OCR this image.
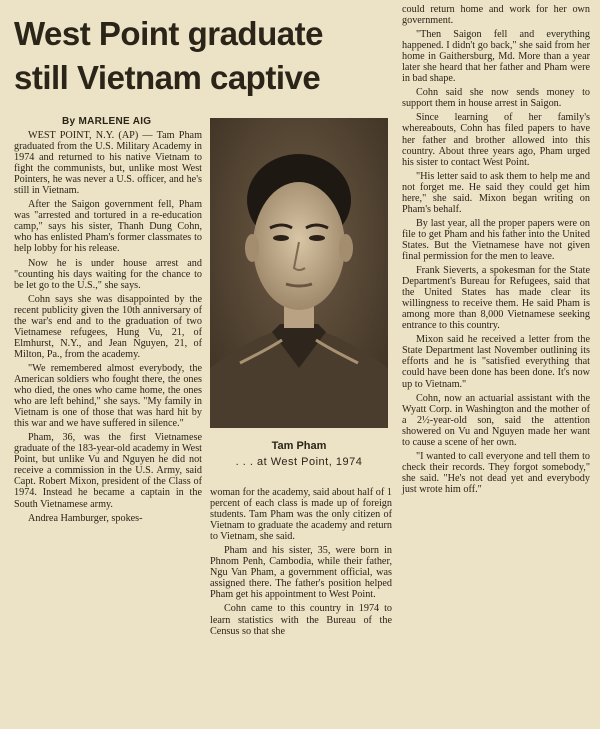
West Point graduate
still Vietnam captive
By MARLENE AIG

WEST POINT, N.Y. (AP) — Tam Pham graduated from the U.S. Military Academy in 1974 and returned to his native Vietnam to fight the communists, but, unlike most West Pointers, he was never a U.S. officer, and he's still in Vietnam.

After the Saigon government fell, Pham was "arrested and tortured in a re-education camp," says his sister, Thanh Dung Cohn, who has enlisted Pham's former classmates to help lobby for his release.

Now he is under house arrest and "counting his days waiting for the chance to be let go to the U.S.," she says.

Cohn says she was disappointed by the recent publicity given the 10th anniversary of the war's end and to the graduation of two Vietnamese refugees, Hung Vu, 21, of Elmhurst, N.Y., and Jean Nguyen, 21, of Milton, Pa., from the academy.

"We remembered almost everybody, the American soldiers who fought there, the ones who died, the ones who came home, the ones who are left behind," she says. "My family in Vietnam is one of those that was hard hit by this war and we have suffered in silence."

Pham, 36, was the first Vietnamese graduate of the 183-year-old academy in West Point, but unlike Vu and Nguyen he did not receive a commission in the U.S. Army, said Capt. Robert Mixon, president of the Class of 1974. Instead he became a captain in the South Vietnamese army.

Andrea Hamburger, spokes-

Tam Pham
. . . at West Point, 1974

woman for the academy, said about half of 1 percent of each class is made up of foreign students. Tam Pham was the only citizen of Vietnam to graduate the academy and return to Vietnam, she said.

Pham and his sister, 35, were born in Phnom Penh, Cambodia, while their father, Ngu Van Pham, a government official, was assigned there. The father's position helped Pham get his appointment to West Point.

Cohn came to this country in 1974 to learn statistics with the Bureau of the Census so that she

could return home and work for her own government.

"Then Saigon fell and everything happened. I didn't go back," she said from her home in Gaithersburg, Md. More than a year later she heard that her father and Pham were in bad shape.

Cohn said she now sends money to support them in house arrest in Saigon.

Since learning of her family's whereabouts, Cohn has filed papers to have her father and brother allowed into this country. About three years ago, Pham urged his sister to contact West Point.

"His letter said to ask them to help me and not forget me. He said they could get him here," she said. Mixon began writing on Pham's behalf.

By last year, all the proper papers were on file to get Pham and his father into the United States. But the Vietnamese have not given final permission for the men to leave.

Frank Sieverts, a spokesman for the State Department's Bureau for Refugees, said that the United States has made clear its willingness to receive them. He said Pham is among more than 8,000 Vietnamese seeking entrance to this country.

Mixon said he received a letter from the State Department last November outlining its efforts and he is "satisfied everything that could have been done has been done. It's now up to Vietnam."

Cohn, now an actuarial assistant with the Wyatt Corp. in Washington and the mother of a 2½-year-old son, said the attention showered on Vu and Nguyen made her want to cause a scene of her own.

"I wanted to call everyone and tell them to check their records. They forgot somebody," she said. "He's not dead yet and everybody just wrote him off."
